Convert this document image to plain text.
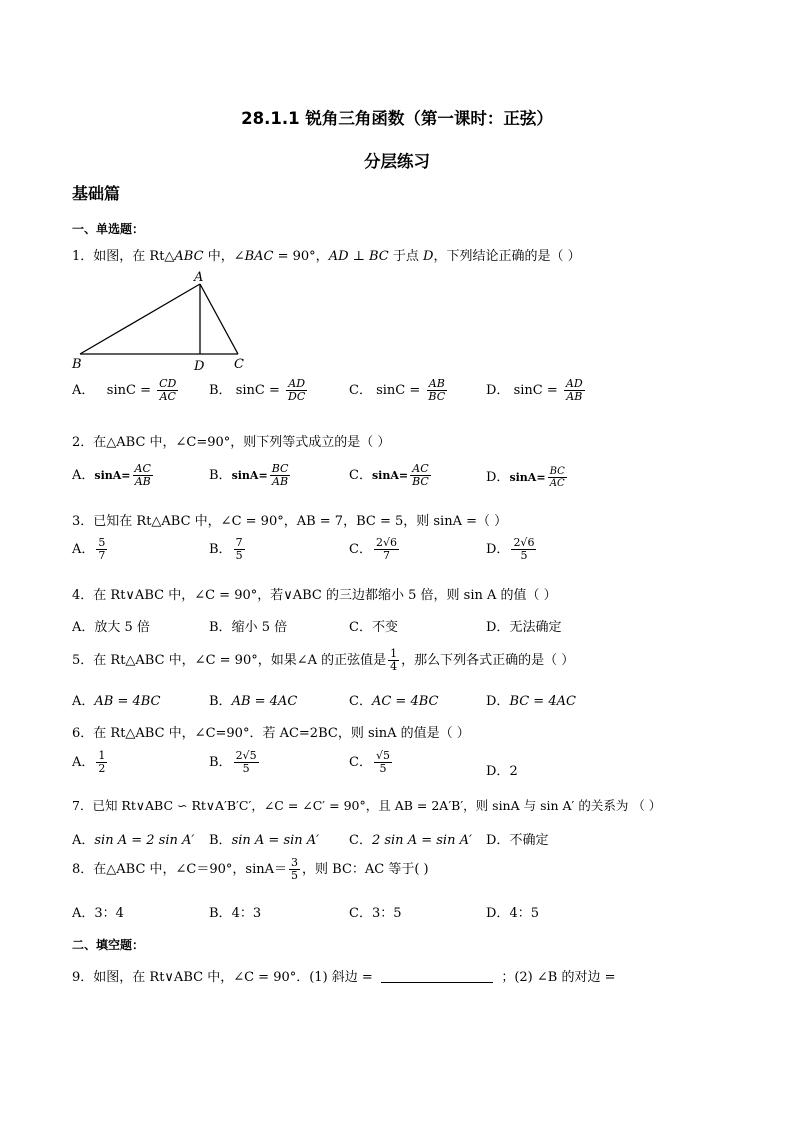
28.1.1 锐角三角函数（第一课时：正弦）
分层练习
基础篇
一、单选题：
1．如图，在 Rt△ABC 中，∠BAC = 90°，AD ⊥ BC 于点 D，下列结论正确的是（ ）
A
B	D C
A． $\sin C = \frac{CD}{AC}$ B． $\sin C = \frac{AD}{DC}$	C． $\sin C = \frac{AB}{BC}$	D． $\sin C = \frac{AD}{AB}$
2．在△ABC 中，∠C=90°，则下列等式成立的是（ ）
A．$\sin A= \frac{AC}{AB}$	B．$\sin A= \frac{BC}{AB}$	C．$\sin A= \frac{AC}{BC}$	D．$\sin A= \frac{BC}{AC}$
3．已知在 Rt△ABC 中，∠C = 90°，AB = 7，BC = 5，则 sinA =（ ）
A． $\frac{5}{7}$	B． $\frac{7}{5}$	C． $\frac{2√6}{7}$	D． $\frac{2√6}{5}$
4．在 Rt∨ABC 中，∠C = 90°，若∨ABC 的三边都缩小 5 倍，则 sin A 的值（ ）
A．放大 5 倍	B．缩小 5 倍	C．不变	D．无法确定
5．在 Rt△ABC 中，∠C = 90°，如果∠A 的正弦值是 $\frac{1}{4}$ ，那么下列各式正确的是（ ）
A．AB = 4BC	B．AB = 4AC	C．AC = 4BC	D．BC = 4AC
6．在 Rt△ABC 中，∠C=90°．若 AC=2BC，则 sinA 的值是（ ）
A． $\frac{1}{2}$	B． $\frac{2√5}{5}$	C． $\frac{√5}{5}$	D．2
7．已知 Rt∨ABC ∽ Rt∨A′B′C′，∠C = ∠C′ = 90°，且 AB = 2A′B′，则 sinA 与 sin A′ 的关系为 （ ）
A．sin A = 2 sin A′ B．sin A = sin A′ C．2 sin A = sin A′ D．不确定
8．在△ABC 中，∠C＝90°，$\sin A= \frac{3}{5}$ ，则 BC：AC 等于( )
A．3：4	B．4：3	C．3：5	D．4：5
二、填空题：
9．如图，在 Rt∨ABC 中，∠C = 90°．(1) 斜边 =	；(2) ∠B 的对边 =
